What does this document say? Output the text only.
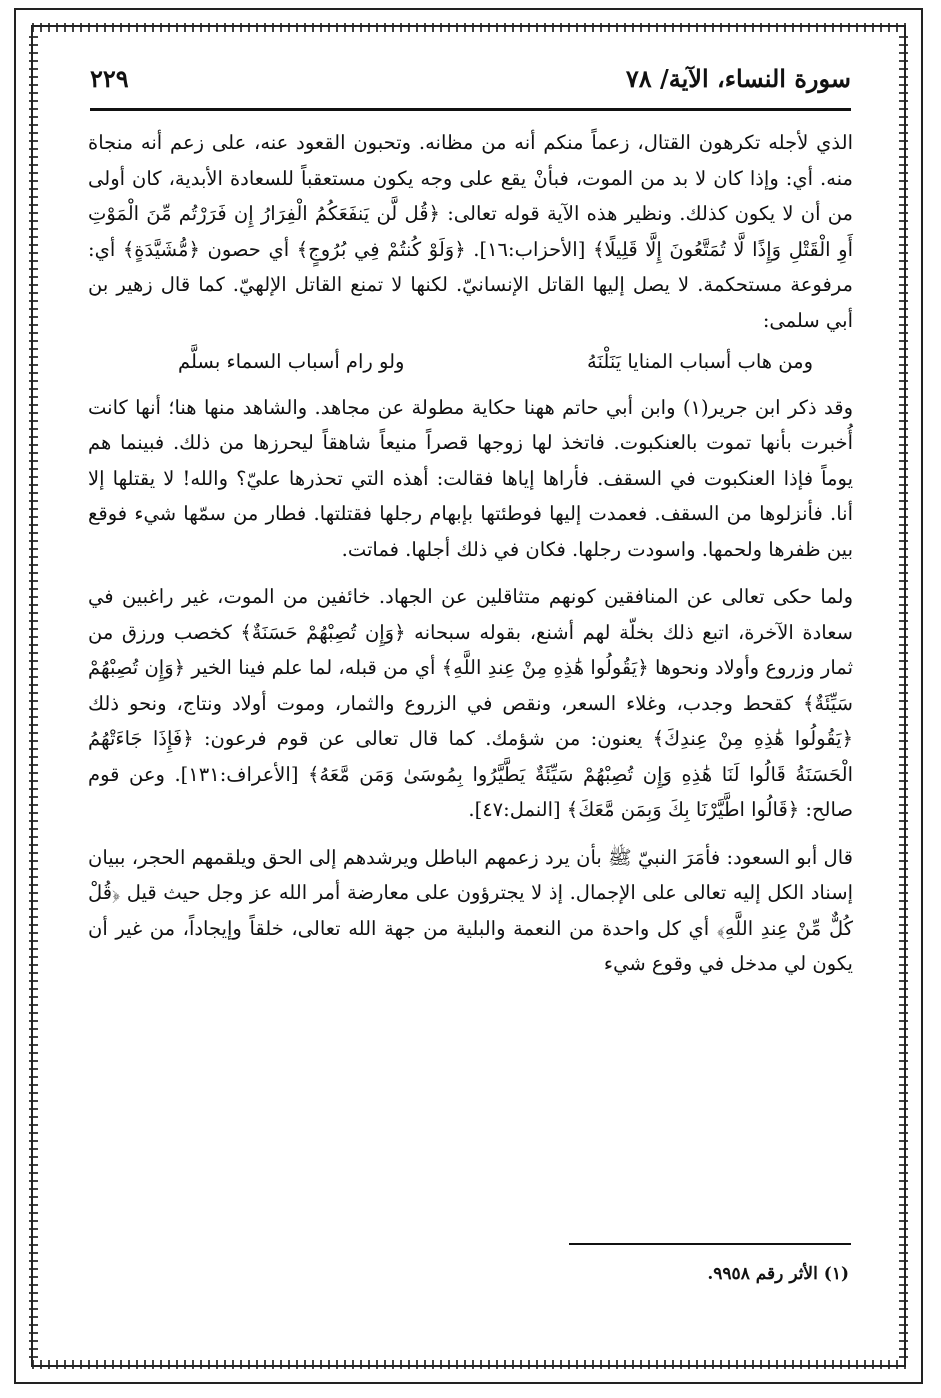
سورة النساء، الآية/ ٧٨
٢٢٩

الذي لأجله تكرهون القتال، زعماً منكم أنه من مظانه. وتحبون القعود عنه، على زعم أنه منجاة منه. أي: وإذا كان لا بد من الموت، فبأنْ يقع على وجه يكون مستعقباً للسعادة الأبدية، كان أولى من أن لا يكون كذلك. ونظير هذه الآية قوله تعالى: ﴿قُل لَّن يَنفَعَكُمُ الْفِرَارُ إِن فَرَرْتُم مِّنَ الْمَوْتِ أَوِ الْقَتْلِ وَإِذًا لَّا تُمَتَّعُونَ إِلَّا قَلِيلًا﴾ [الأحزاب:١٦]. ﴿وَلَوْ كُنتُمْ فِي بُرُوجٍ﴾ أي حصون ﴿مُّشَيَّدَةٍ﴾ أي: مرفوعة مستحكمة. لا يصل إليها القاتل الإنسانيّ. لكنها لا تمنع القاتل الإلهيّ. كما قال زهير بن أبي سلمى:

ومن هاب أسباب المنايا يَنَلْنَهُ
ولو رام أسباب السماء بسلَّم

وقد ذكر ابن جرير(١) وابن أبي حاتم ههنا حكاية مطولة عن مجاهد. والشاهد منها هنا؛ أنها كانت أُخبرت بأنها تموت بالعنكبوت. فاتخذ لها زوجها قصراً منيعاً شاهقاً ليحرزها من ذلك. فبينما هم يوماً فإذا العنكبوت في السقف. فأراها إياها فقالت: أهذه التي تحذرها عليّ؟ والله! لا يقتلها إلا أنا. فأنزلوها من السقف. فعمدت إليها فوطئتها بإبهام رجلها فقتلتها. فطار من سمّها شيء فوقع بين ظفرها ولحمها. واسودت رجلها. فكان في ذلك أجلها. فماتت.

ولما حكى تعالى عن المنافقين كونهم متثاقلين عن الجهاد. خائفين من الموت، غير راغبين في سعادة الآخرة، اتبع ذلك بخلّة لهم أشنع، بقوله سبحانه ﴿وَإِن تُصِبْهُمْ حَسَنَةٌ﴾ كخصب ورزق من ثمار وزروع وأولاد ونحوها ﴿يَقُولُوا هَٰذِهِ مِنْ عِندِ اللَّهِ﴾ أي من قبله، لما علم فينا الخير ﴿وَإِن تُصِبْهُمْ سَيِّئَةٌ﴾ كقحط وجدب، وغلاء السعر، ونقص في الزروع والثمار، وموت أولاد ونتاج، ونحو ذلك ﴿يَقُولُوا هَٰذِهِ مِنْ عِندِكَ﴾ يعنون: من شؤمك. كما قال تعالى عن قوم فرعون: ﴿فَإِذَا جَاءَتْهُمُ الْحَسَنَةُ قَالُوا لَنَا هَٰذِهِ وَإِن تُصِبْهُمْ سَيِّئَةٌ يَطَّيَّرُوا بِمُوسَىٰ وَمَن مَّعَهُ﴾ [الأعراف:١٣١]. وعن قوم صالح: ﴿قَالُوا اطَّيَّرْنَا بِكَ وَبِمَن مَّعَكَ﴾ [النمل:٤٧].

قال أبو السعود: فأمَرَ النبيّ ﷺ بأن يرد زعمهم الباطل ويرشدهم إلى الحق ويلقمهم الحجر، ببيان إسناد الكل إليه تعالى على الإجمال. إذ لا يجترؤون على معارضة أمر الله عز وجل حيث قيل ﴿قُلْ كُلٌّ مِّنْ عِندِ اللَّهِ﴾ أي كل واحدة من النعمة والبلية من جهة الله تعالى، خلقاً وإيجاداً، من غير أن يكون لي مدخل في وقوع شيء

(١) الأثر رقم ٩٩٥٨.
